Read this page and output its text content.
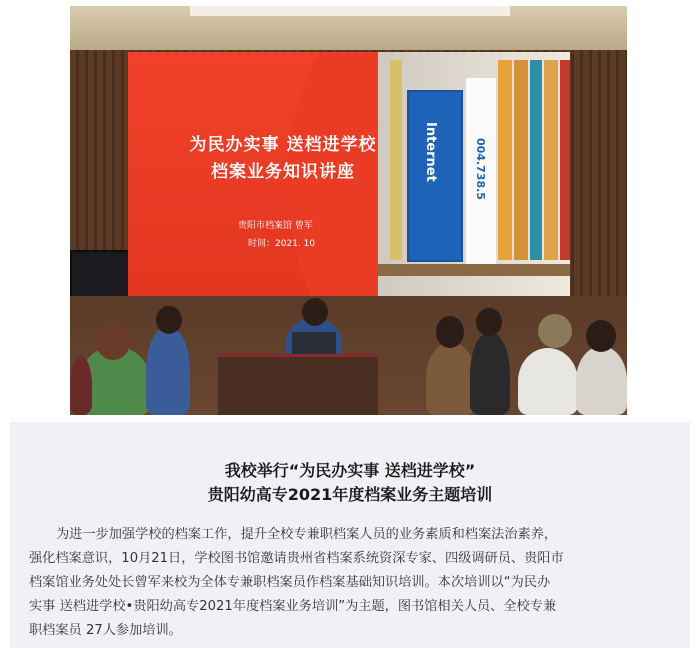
为民办实事 送档进学校
档案业务知识讲座
贵阳市档案馆 曾军
时间：2021. 10
Internet	004.738.5
我校举行“为民办实事 送档进学校”
贵阳幼高专2021年度档案业务主题培训
为进一步加强学校的档案工作，提升全校专兼职档案人员的业务素质和档案法治素养，
强化档案意识，10月21日，学校图书馆邀请贵州省档案系统资深专家、四级调研员、贵阳市
档案馆业务处处长曾军来校为全体专兼职档案员作档案基础知识培训。本次培训以“为民办
实事 送档进学校•贵阳幼高专2021年度档案业务培训”为主题，图书馆相关人员、全校专兼
职档案员 27人参加培训。
